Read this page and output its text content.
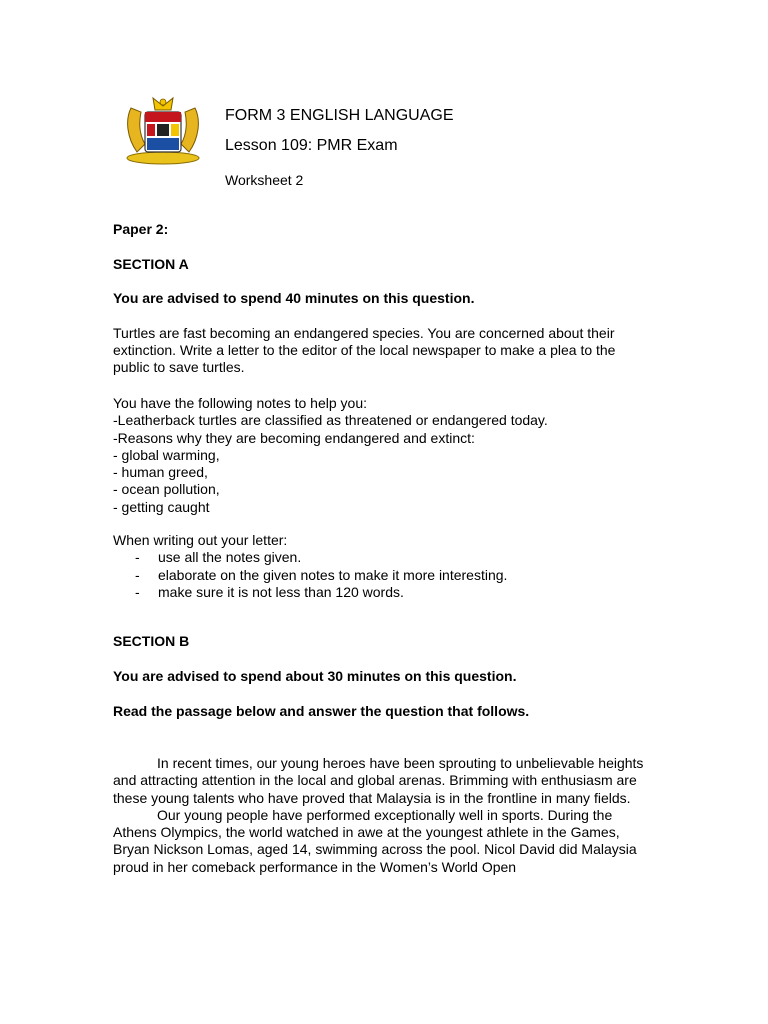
FORM 3 ENGLISH LANGUAGE
Lesson 109: PMR Exam
Worksheet 2
Paper 2:
SECTION A
You are advised to spend 40 minutes on this question.
Turtles are fast becoming an endangered species. You are concerned about their
extinction. Write a letter to the editor of the local newspaper to make a plea to the
public to save turtles.
You have the following notes to help you:
-Leatherback turtles are classified as threatened or endangered today.
-Reasons why they are becoming endangered and extinct:
- global warming,
- human greed,
- ocean pollution,
- getting caught
When writing out your letter:
- use all the notes given.
- elaborate on the given notes to make it more interesting.
- make sure it is not less than 120 words.
SECTION B
You are advised to spend about 30 minutes on this question.
Read the passage below and answer the question that follows.

In recent times, our young heroes have been sprouting to unbelievable heights and attracting attention in the local and global arenas. Brimming with enthusiasm are these young talents who have proved that Malaysia is in the frontline in many fields.

Our young people have performed exceptionally well in sports. During the Athens Olympics, the world watched in awe at the youngest athlete in the Games, Bryan Nickson Lomas, aged 14, swimming across the pool. Nicol David did Malaysia proud in her comeback performance in the Women’s World Open
